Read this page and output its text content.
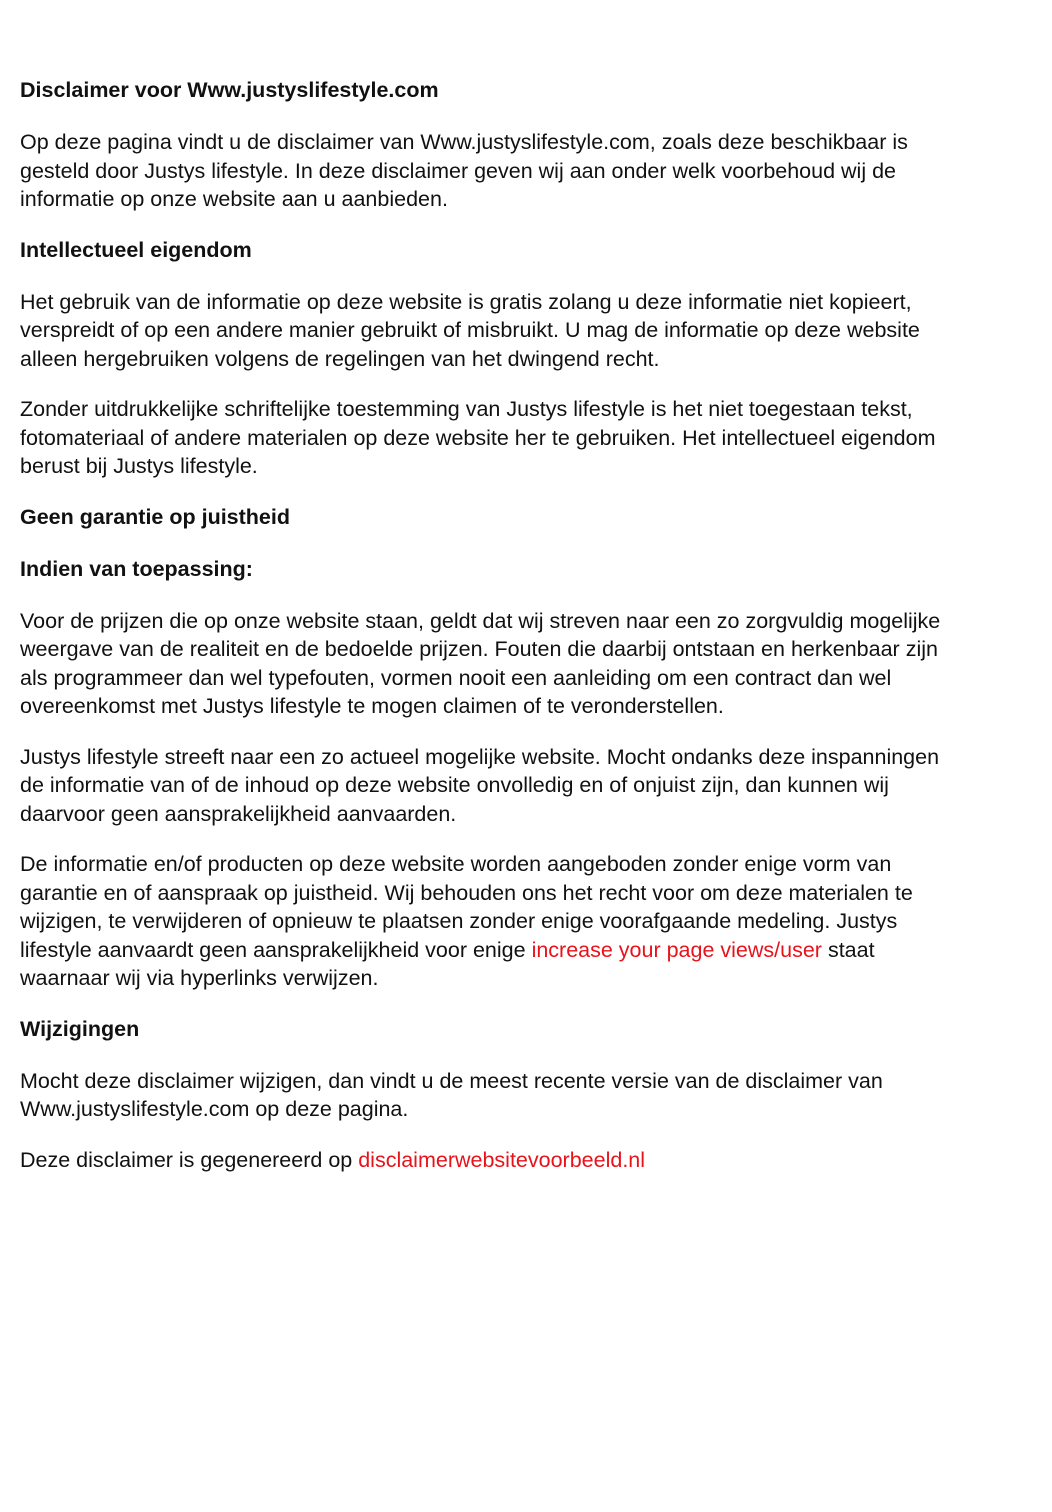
Disclaimer voor Www.justyslifestyle.com
Op deze pagina vindt u de disclaimer van Www.justyslifestyle.com, zoals deze beschikbaar is
gesteld door Justys lifestyle. In deze disclaimer geven wij aan onder welk voorbehoud wij de
informatie op onze website aan u aanbieden.
Intellectueel eigendom
Het gebruik van de informatie op deze website is gratis zolang u deze informatie niet kopieert,
verspreidt of op een andere manier gebruikt of misbruikt. U mag de informatie op deze website
alleen hergebruiken volgens de regelingen van het dwingend recht.
Zonder uitdrukkelijke schriftelijke toestemming van Justys lifestyle is het niet toegestaan tekst,
fotomateriaal of andere materialen op deze website her te gebruiken. Het intellectueel eigendom
berust bij Justys lifestyle.
Geen garantie op juistheid
Indien van toepassing:
Voor de prijzen die op onze website staan, geldt dat wij streven naar een zo zorgvuldig mogelijke
weergave van de realiteit en de bedoelde prijzen. Fouten die daarbij ontstaan en herkenbaar zijn
als programmeer dan wel typefouten, vormen nooit een aanleiding om een contract dan wel
overeenkomst met Justys lifestyle te mogen claimen of te veronderstellen.
Justys lifestyle streeft naar een zo actueel mogelijke website. Mocht ondanks deze inspanningen
de informatie van of de inhoud op deze website onvolledig en of onjuist zijn, dan kunnen wij
daarvoor geen aansprakelijkheid aanvaarden.
De informatie en/of producten op deze website worden aangeboden zonder enige vorm van
garantie en of aanspraak op juistheid. Wij behouden ons het recht voor om deze materialen te
wijzigen, te verwijderen of opnieuw te plaatsen zonder enige voorafgaande medeling. Justys
lifestyle aanvaardt geen aansprakelijkheid voor enige increase your page views/user staat
waarnaar wij via hyperlinks verwijzen.
Wijzigingen
Mocht deze disclaimer wijzigen, dan vindt u de meest recente versie van de disclaimer van
Www.justyslifestyle.com op deze pagina.
Deze disclaimer is gegenereerd op disclaimerwebsitevoorbeeld.nl
